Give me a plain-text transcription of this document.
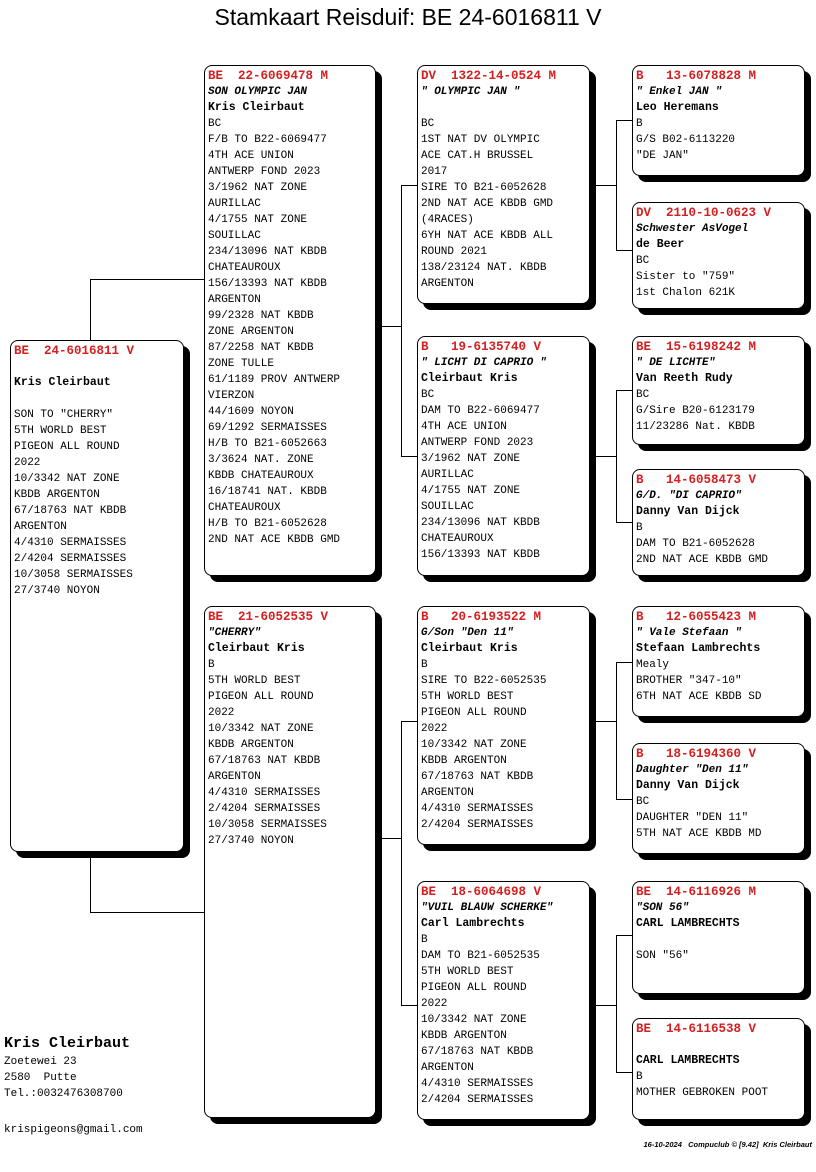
Stamkaart Reisduif: BE 24-6016811 V
BE  24-6016811 V
Kris Cleirbaut
SON TO "CHERRY"
5TH WORLD BEST
PIGEON ALL ROUND
2022
10/3342 NAT ZONE
KBDB ARGENTON
67/18763 NAT KBDB
ARGENTON
4/4310 SERMAISSES
2/4204 SERMAISSES
10/3058 SERMAISSES
27/3740 NOYON
BE  22-6069478 M
SON OLYMPIC JAN
Kris Cleirbaut
BC
F/B TO B22-6069477
4TH ACE UNION
ANTWERP FOND 2023
3/1962 NAT ZONE
AURILLAC
4/1755 NAT ZONE
SOUILLAC
234/13096 NAT KBDB
CHATEAUROUX
156/13393 NAT KBDB
ARGENTON
99/2328 NAT KBDB
ZONE ARGENTON
87/2258 NAT KBDB
ZONE TULLE
61/1189 PROV ANTWERP
VIERZON
44/1609 NOYON
69/1292 SERMAISSES
H/B TO B21-6052663
3/3624 NAT. ZONE
KBDB CHATEAUROUX
16/18741 NAT. KBDB
CHATEAUROUX
H/B TO B21-6052628
2ND NAT ACE KBDB GMD
BE  21-6052535 V
"CHERRY"
Cleirbaut Kris
B
5TH WORLD BEST
PIGEON ALL ROUND
2022
10/3342 NAT ZONE
KBDB ARGENTON
67/18763 NAT KBDB
ARGENTON
4/4310 SERMAISSES
2/4204 SERMAISSES
10/3058 SERMAISSES
27/3740 NOYON
DV  1322-14-0524 M
" OLYMPIC JAN "
BC
1ST NAT DV OLYMPIC
ACE CAT.H BRUSSEL
2017
SIRE TO B21-6052628
2ND NAT ACE KBDB GMD
(4RACES)
6YH NAT ACE KBDB ALL
ROUND 2021
138/23124 NAT. KBDB
ARGENTON
B   19-6135740 V
" LICHT DI CAPRIO "
Cleirbaut Kris
BC
DAM TO B22-6069477
4TH ACE UNION
ANTWERP FOND 2023
3/1962 NAT ZONE
AURILLAC
4/1755 NAT ZONE
SOUILLAC
234/13096 NAT KBDB
CHATEAUROUX
156/13393 NAT KBDB
B   20-6193522 M
G/Son "Den 11"
Cleirbaut Kris
B
SIRE TO B22-6052535
5TH WORLD BEST
PIGEON ALL ROUND
2022
10/3342 NAT ZONE
KBDB ARGENTON
67/18763 NAT KBDB
ARGENTON
4/4310 SERMAISSES
2/4204 SERMAISSES
BE  18-6064698 V
"VUIL BLAUW SCHERKE"
Carl Lambrechts
B
DAM TO B21-6052535
5TH WORLD BEST
PIGEON ALL ROUND
2022
10/3342 NAT ZONE
KBDB ARGENTON
67/18763 NAT KBDB
ARGENTON
4/4310 SERMAISSES
2/4204 SERMAISSES
B   13-6078828 M
" Enkel JAN "
Leo Heremans
B
G/S B02-6113220
"DE JAN"
DV  2110-10-0623 V
Schwester AsVogel
de Beer
BC
Sister to "759"
1st Chalon 621K
BE  15-6198242 M
" DE LICHTE"
Van Reeth Rudy
BC
G/Sire B20-6123179
11/23286 Nat. KBDB
B   14-6058473 V
G/D. "DI CAPRIO"
Danny Van Dijck
B
DAM TO B21-6052628
2ND NAT ACE KBDB GMD
B   12-6055423 M
" Vale Stefaan "
Stefaan Lambrechts
Mealy
BROTHER "347-10"
6TH NAT ACE KBDB SD
B   18-6194360 V
Daughter "Den 11"
Danny Van Dijck
BC
DAUGHTER "DEN 11"
5TH NAT ACE KBDB MD
BE  14-6116926 M
"SON 56"
CARL LAMBRECHTS
SON "56"
BE  14-6116538 V
CARL LAMBRECHTS
B
MOTHER GEBROKEN POOT
Kris Cleirbaut
Zoetewei 23
2580  Putte
Tel.:0032476308700
krispigeons@gmail.com
16-10-2024   Compuclub © [9.42]  Kris Cleirbaut
